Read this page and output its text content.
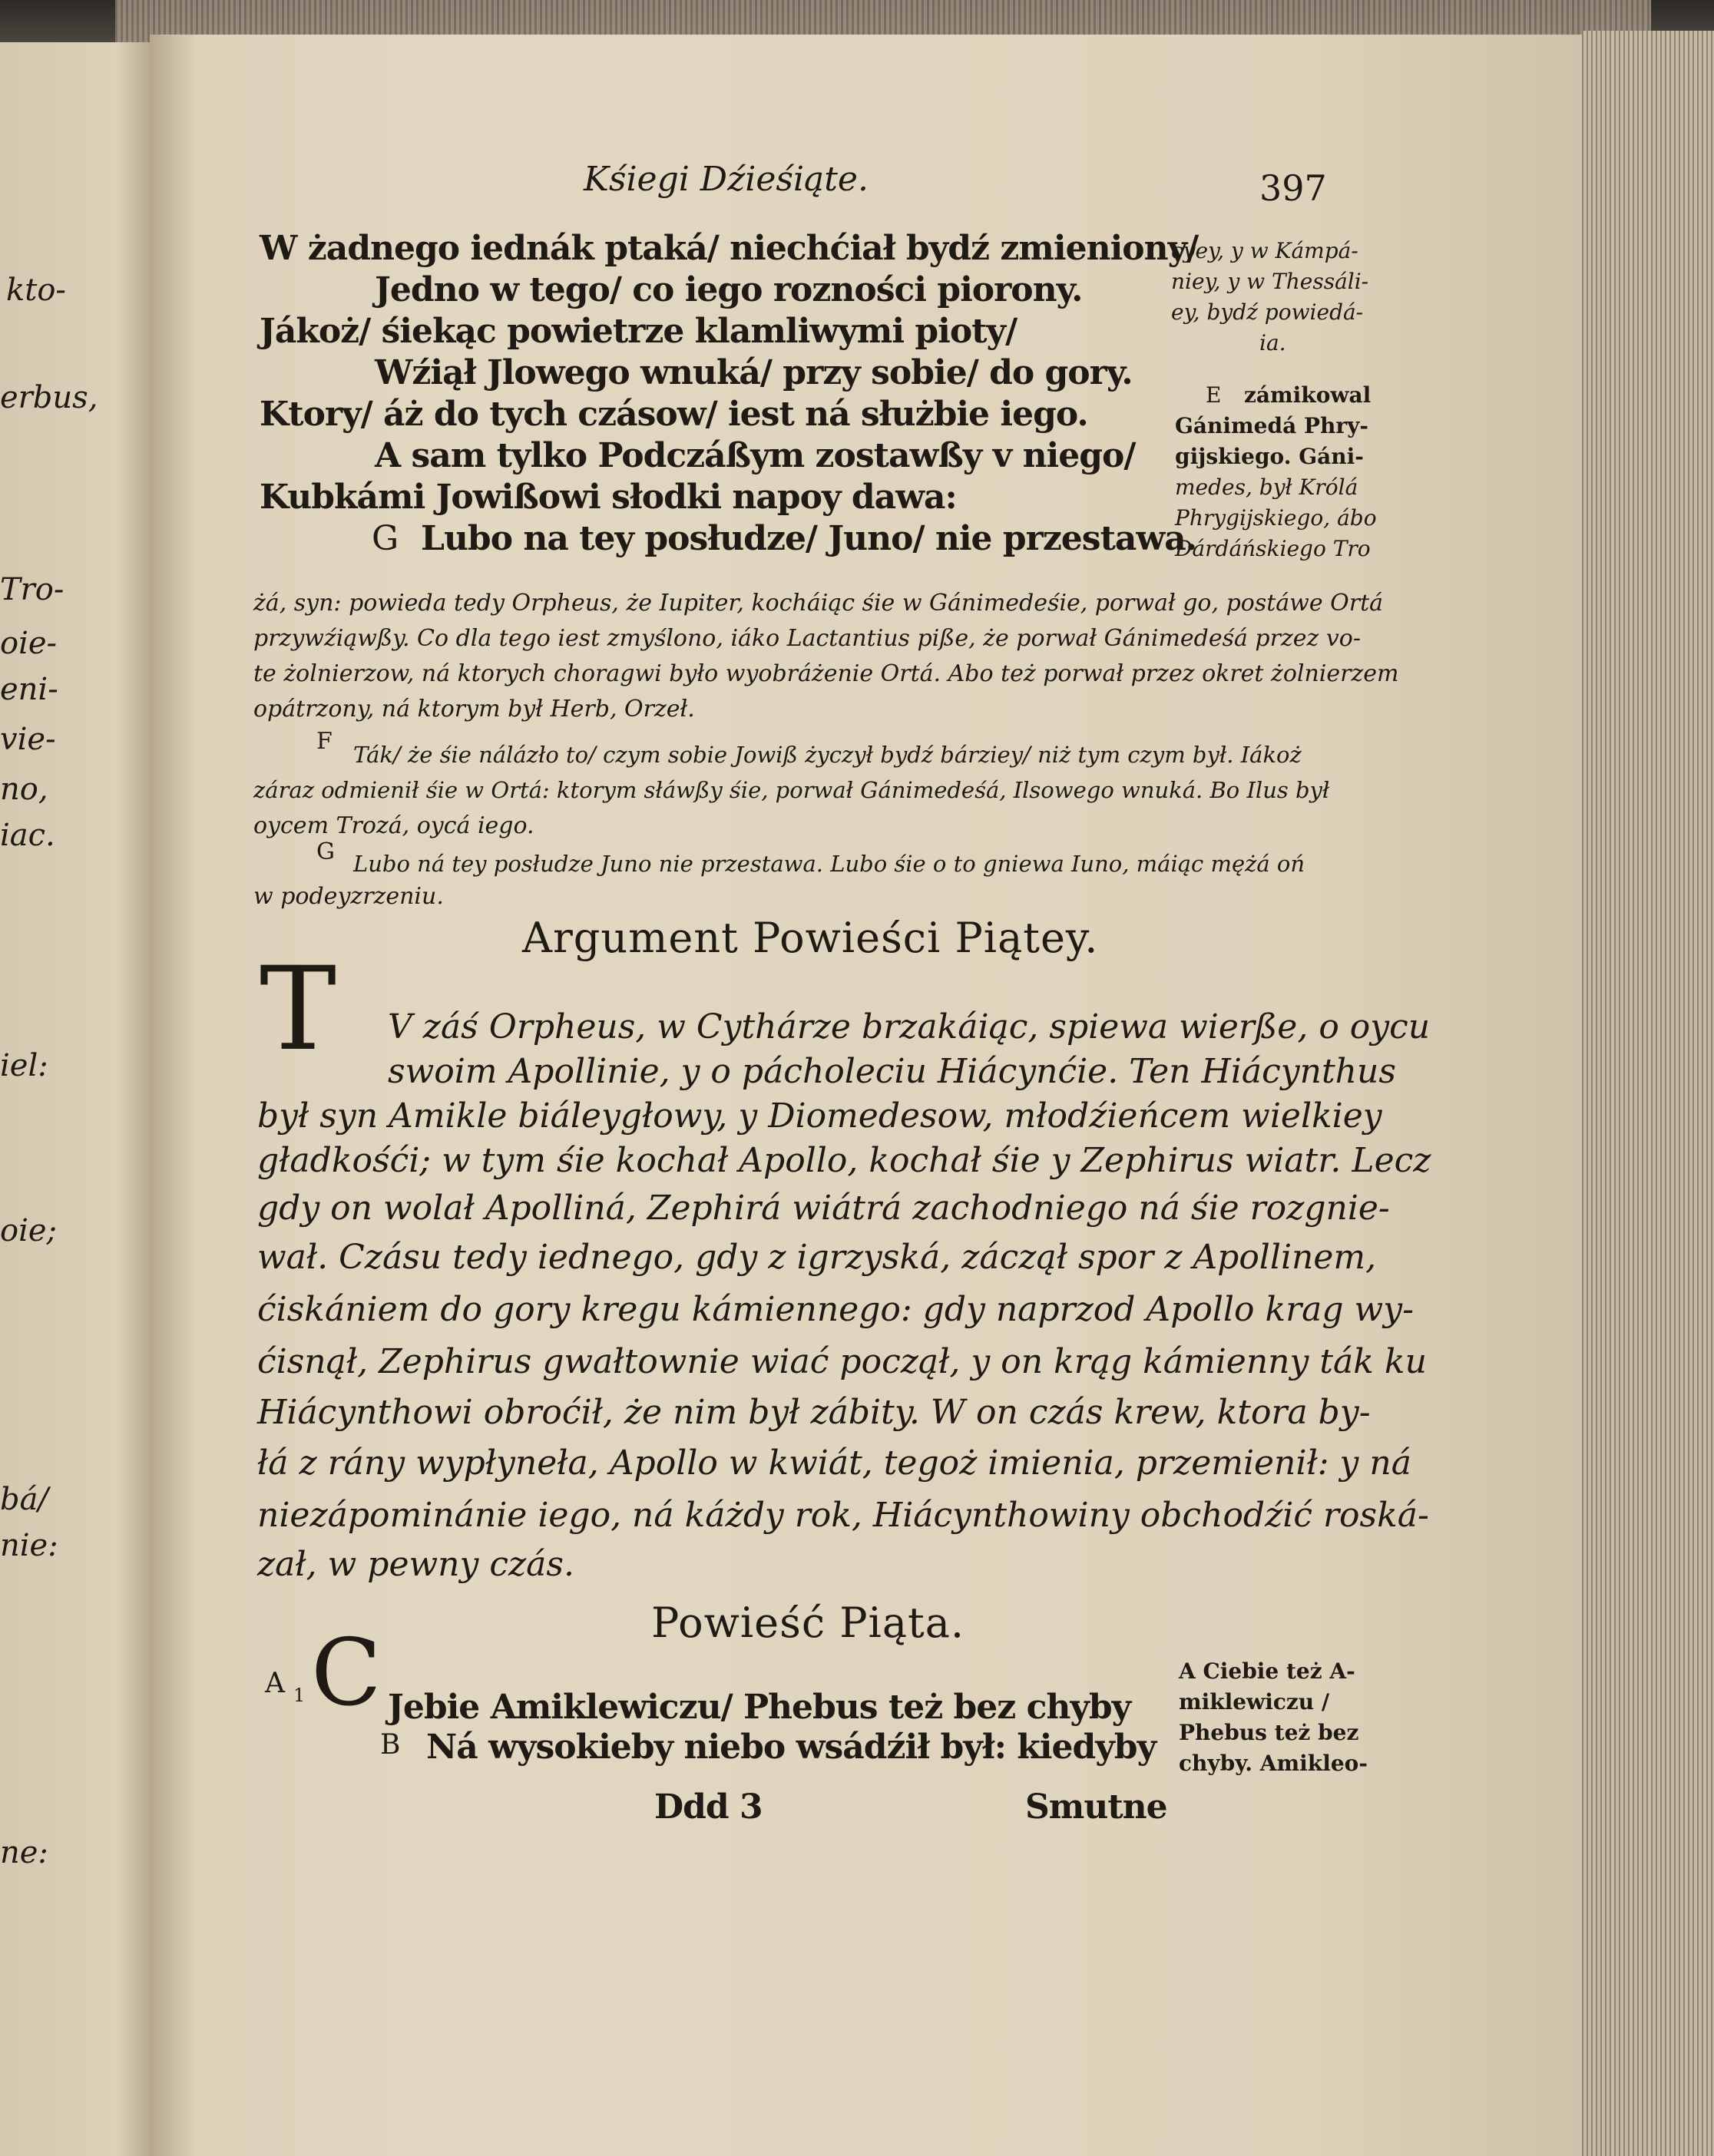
kto-
erbus,
Tro-
oie-
eni-
vie-
no,
iac.
iel:
oie;
bá/
nie:
ne:
Kśiegi Dźieśiąte.	397
W żadnego iednák ptaká/ niechćiał bydź zmieniony/
Jedno w tego/ co iego rozności piorony.
Jákoż/ śiekąc powietrze klamliwymi pioty/
Wźiął Jlowego wnuká/ przy sobie/ do gory.
Ktory/ áż do tych czásow/ iest ná służbie iego.
A sam tylko Podczáßym zostawßy v niego/
Kubkámi Jowißowi słodki napoy dawa:
G Lubo na tey posłudze/ Juno/ nie przestawa.
cyey, y w Kámpá-
niey, y w Thessáli-
ey, bydź powiedá-
ia.
E zámikowal
Gánimedá Phry-
gijskiego. Gáni-
medes, był Królá
Phrygijskiego, ábo
Dárdáńskiego Tro
żá, syn: powieda tedy Orpheus, że Iupiter, kocháiąc śie w Gánimedeśie, porwał go, postáwe Ortá
przywźiąwßy. Co dla tego iest zmyślono, iáko Lactantius piße, że porwał Gánimedeśá przez vo-
te żolnierzow, ná ktorych choragwi było wyobráżenie Ortá. Abo też porwał przez okret żolnierzem
opátrzony, ná ktorym był Herb, Orzeł.
F Ták/ że śie nálázło to/ czym sobie Jowiß życzył bydź bárziey/ niż tym czym był. Iákoż
záraz odmienił śie w Ortá: ktorym słáwßy śie, porwał Gánimedeśá, Ilsowego wnuká. Bo Ilus był
oycem Trozá, oycá iego.
G Lubo ná tey posłudze Juno nie przestawa. Lubo śie o to gniewa Iuno, máiąc mężá oń
w podeyzrzeniu.
Argument Powieści Piątey.
T V záś Orpheus, w Cythárze brzakáiąc, spiewa wierße, o oycu
swoim Apollinie, y o pácholeciu Hiácynćie. Ten Hiácynthus
był syn Amikle biáleygłowy, y Diomedesow, młodźieńcem wielkiey
gładkośći; w tym śie kochał Apollo, kochał śie y Zephirus wiatr. Lecz
gdy on wolał Apolliná, Zephirá wiátrá zachodniego ná śie rozgnie-
wał. Czásu tedy iednego, gdy z igrzyská, záczął spor z Apollinem,
ćiskániem do gory kregu kámiennego: gdy naprzod Apollo krag wy-
ćisnął, Zephirus gwałtownie wiać począł, y on krąg kámienny ták ku
Hiácynthowi obroćił, że nim był zábity. W on czás krew, ktora by-
łá z rány wypłyneła, Apollo w kwiát, tegoż imienia, przemienił: y ná
niezápominánie iego, ná káżdy rok, Hiácynthowiny obchodźić roská-
zał, w pewny czás.
Powieść Piąta.
A 1 C Jebie Amiklewiczu/ Phebus też bez chyby
B Ná wysokieby niebo wsádźił był: kiedyby
A Ciebie też A-
miklewiczu /
Phebus też bez
chyby. Amikleo-
Ddd 3	Smutne
